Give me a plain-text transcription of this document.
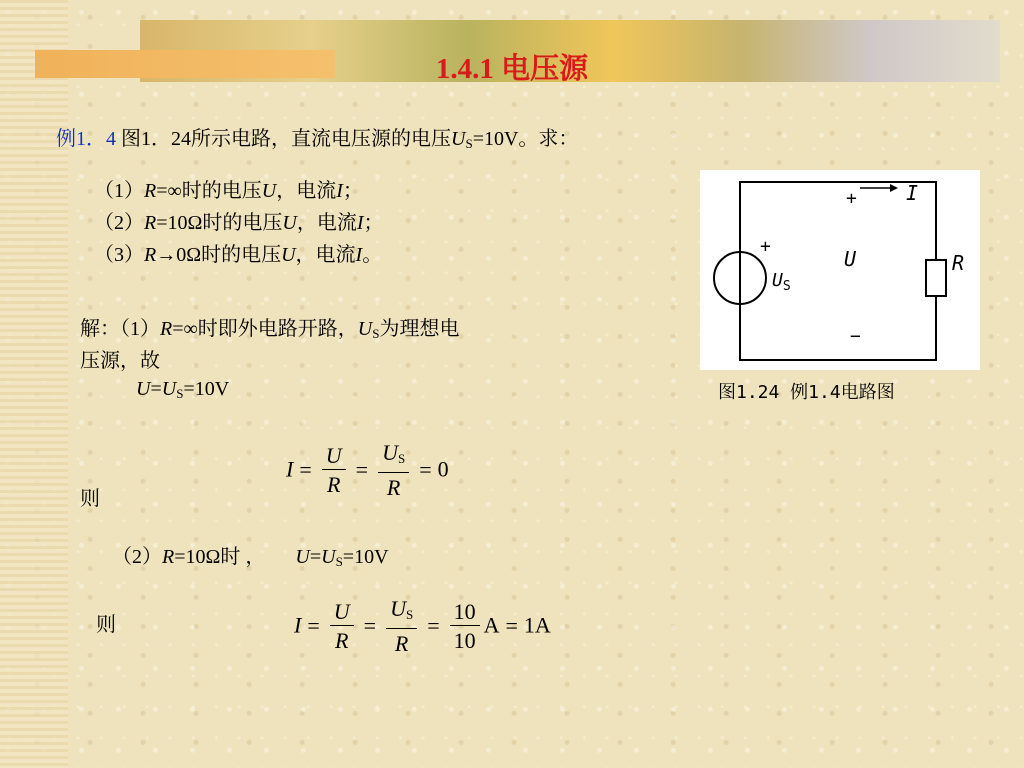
1.4.1 电压源
例1．4 图1．24所示电路，直流电压源的电压$U_S=10V$。求：
（1）R=∞时的电压U，电流I；
（2）R=10Ω时的电压U，电流I；
（3）R→0Ω时的电压U，电流I。
解：（1）R=∞时即外电路开路，$U_S$为理想电
压源，故
$U=U_S=10V$
则
$I = \frac{U}{R} = \frac{U_S}{R} = 0$
（2）R=10Ω时 ， $U=U_S=10V$
则	$I = \frac{U}{R} = \frac{U_S}{R} = \frac{10}{10}$ A = 1A
+ I
+
$U_S$
U
−
R
图1.24 例1.4电路图
